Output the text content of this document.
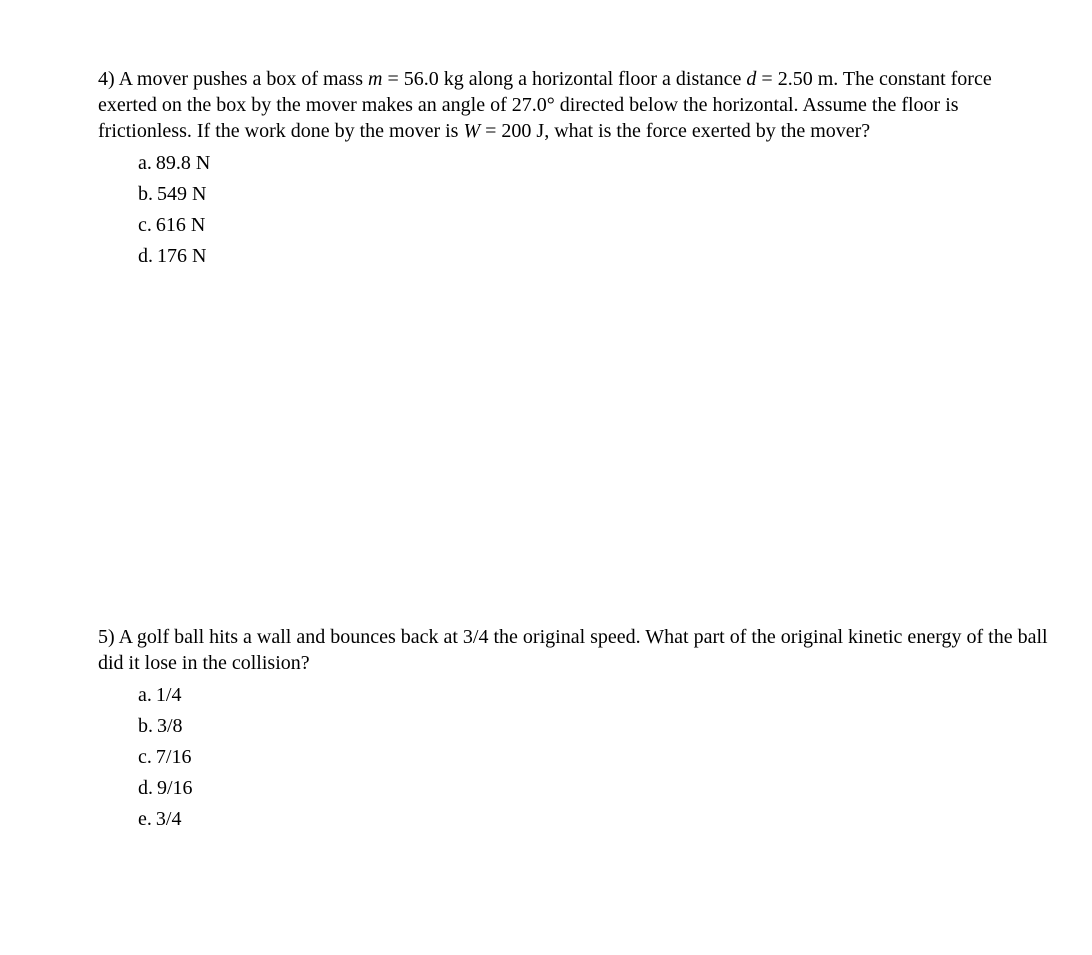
4) A mover pushes a box of mass m = 56.0 kg along a horizontal floor a distance d = 2.50 m. The constant force exerted on the box by the mover makes an angle of 27.0° directed below the horizontal. Assume the floor is frictionless. If the work done by the mover is W = 200 J, what is the force exerted by the mover?

a. 89.8 N
b. 549 N
c. 616 N
d. 176 N

5) A golf ball hits a wall and bounces back at 3/4 the original speed. What part of the original kinetic energy of the ball did it lose in the collision?

a. 1/4
b. 3/8
c. 7/16
d. 9/16
e. 3/4
